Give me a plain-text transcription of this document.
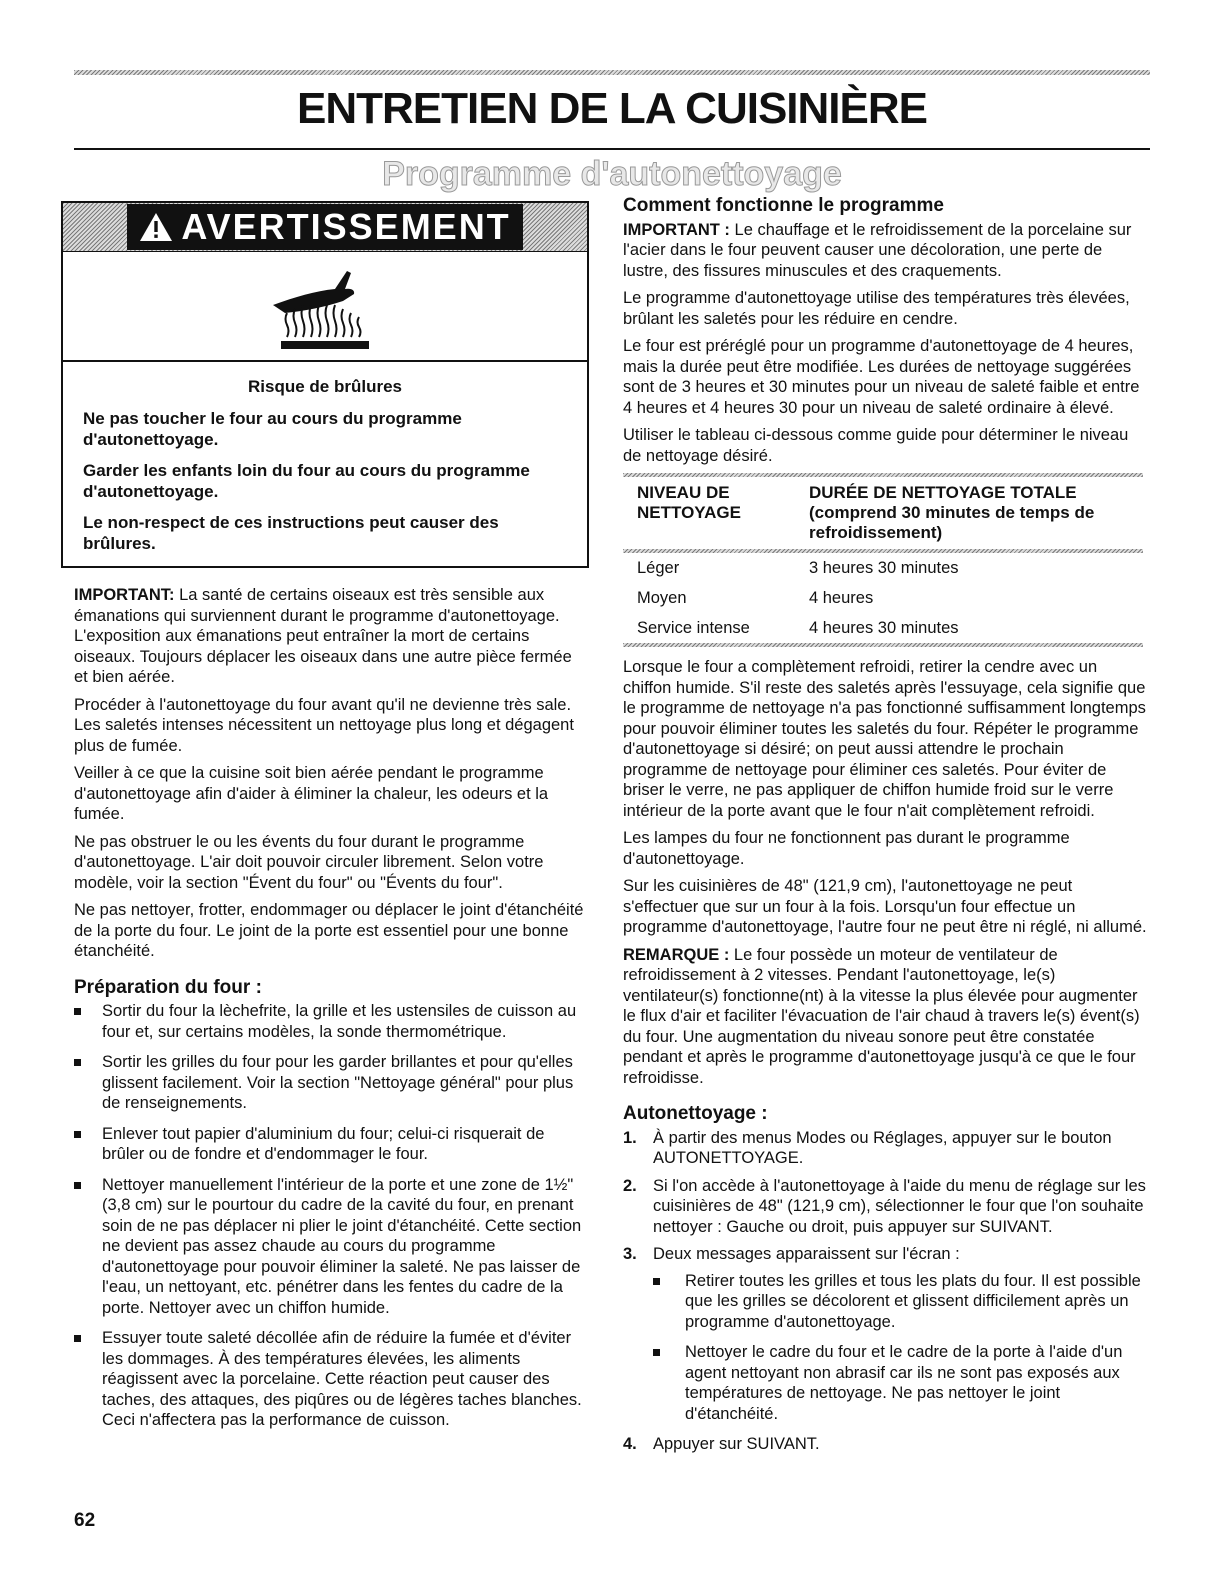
ENTRETIEN DE LA CUISINIÈRE
Programme d'autonettoyage
AVERTISSEMENT

Risque de brûlures

Ne pas toucher le four au cours du programme d'autonettoyage.

Garder les enfants loin du four au cours du programme d'autonettoyage.

Le non-respect de ces instructions peut causer des brûlures.

IMPORTANT: La santé de certains oiseaux est très sensible aux émanations qui surviennent durant le programme d'autonettoyage. L'exposition aux émanations peut entraîner la mort de certains oiseaux. Toujours déplacer les oiseaux dans une autre pièce fermée et bien aérée.

Procéder à l'autonettoyage du four avant qu'il ne devienne très sale. Les saletés intenses nécessitent un nettoyage plus long et dégagent plus de fumée.

Veiller à ce que la cuisine soit bien aérée pendant le programme d'autonettoyage afin d'aider à éliminer la chaleur, les odeurs et la fumée.

Ne pas obstruer le ou les évents du four durant le programme d'autonettoyage. L'air doit pouvoir circuler librement. Selon votre modèle, voir la section "Évent du four" ou "Évents du four".

Ne pas nettoyer, frotter, endommager ou déplacer le joint d'étanchéité de la porte du four. Le joint de la porte est essentiel pour une bonne étanchéité.

Préparation du four :
Sortir du four la lèchefrite, la grille et les ustensiles de cuisson au four et, sur certains modèles, la sonde thermométrique.
Sortir les grilles du four pour les garder brillantes et pour qu'elles glissent facilement. Voir la section "Nettoyage général" pour plus de renseignements.
Enlever tout papier d'aluminium du four; celui-ci risquerait de brûler ou de fondre et d'endommager le four.
Nettoyer manuellement l'intérieur de la porte et une zone de 1½" (3,8 cm) sur le pourtour du cadre de la cavité du four, en prenant soin de ne pas déplacer ni plier le joint d'étanchéité. Cette section ne devient pas assez chaude au cours du programme d'autonettoyage pour pouvoir éliminer la saleté. Ne pas laisser de l'eau, un nettoyant, etc. pénétrer dans les fentes du cadre de la porte. Nettoyer avec un chiffon humide.
Essuyer toute saleté décollée afin de réduire la fumée et d'éviter les dommages. À des températures élevées, les aliments réagissent avec la porcelaine. Cette réaction peut causer des taches, des attaques, des piqûres ou de légères taches blanches. Ceci n'affectera pas la performance de cuisson.
Comment fonctionne le programme

IMPORTANT : Le chauffage et le refroidissement de la porcelaine sur l'acier dans le four peuvent causer une décoloration, une perte de lustre, des fissures minuscules et des craquements.

Le programme d'autonettoyage utilise des températures très élevées, brûlant les saletés pour les réduire en cendre.

Le four est préréglé pour un programme d'autonettoyage de 4 heures, mais la durée peut être modifiée. Les durées de nettoyage suggérées sont de 3 heures et 30 minutes pour un niveau de saleté faible et entre 4 heures et 4 heures 30 pour un niveau de saleté ordinaire à élevé.

Utiliser le tableau ci-dessous comme guide pour déterminer le niveau de nettoyage désiré.

NIVEAU DE NETTOYAGE
DURÉE DE NETTOYAGE TOTALE (comprend 30 minutes de temps de refroidissement)
Léger	3 heures 30 minutes
Moyen	4 heures
Service intense	4 heures 30 minutes

Lorsque le four a complètement refroidi, retirer la cendre avec un chiffon humide. S'il reste des saletés après l'essuyage, cela signifie que le programme de nettoyage n'a pas fonctionné suffisamment longtemps pour pouvoir éliminer toutes les saletés du four. Répéter le programme d'autonettoyage si désiré; on peut aussi attendre le prochain programme de nettoyage pour éliminer ces saletés. Pour éviter de briser le verre, ne pas appliquer de chiffon humide froid sur le verre intérieur de la porte avant que le four n'ait complètement refroidi.

Les lampes du four ne fonctionnent pas durant le programme d'autonettoyage.

Sur les cuisinières de 48" (121,9 cm), l'autonettoyage ne peut s'effectuer que sur un four à la fois. Lorsqu'un four effectue un programme d'autonettoyage, l'autre four ne peut être ni réglé, ni allumé.

REMARQUE : Le four possède un moteur de ventilateur de refroidissement à 2 vitesses. Pendant l'autonettoyage, le(s) ventilateur(s) fonctionne(nt) à la vitesse la plus élevée pour augmenter le flux d'air et faciliter l'évacuation de l'air chaud à travers le(s) évent(s) du four. Une augmentation du niveau sonore peut être constatée pendant et après le programme d'autonettoyage jusqu'à ce que le four refroidisse.

Autonettoyage :
1. À partir des menus Modes ou Réglages, appuyer sur le bouton AUTONETTOYAGE.
2. Si l'on accède à l'autonettoyage à l'aide du menu de réglage sur les cuisinières de 48" (121,9 cm), sélectionner le four que l'on souhaite nettoyer : Gauche ou droit, puis appuyer sur SUIVANT.
3. Deux messages apparaissent sur l'écran :
Retirer toutes les grilles et tous les plats du four. Il est possible que les grilles se décolorent et glissent difficilement après un programme d'autonettoyage.
Nettoyer le cadre du four et le cadre de la porte à l'aide d'un agent nettoyant non abrasif car ils ne sont pas exposés aux températures de nettoyage. Ne pas nettoyer le joint d'étanchéité.
4. Appuyer sur SUIVANT.

62
